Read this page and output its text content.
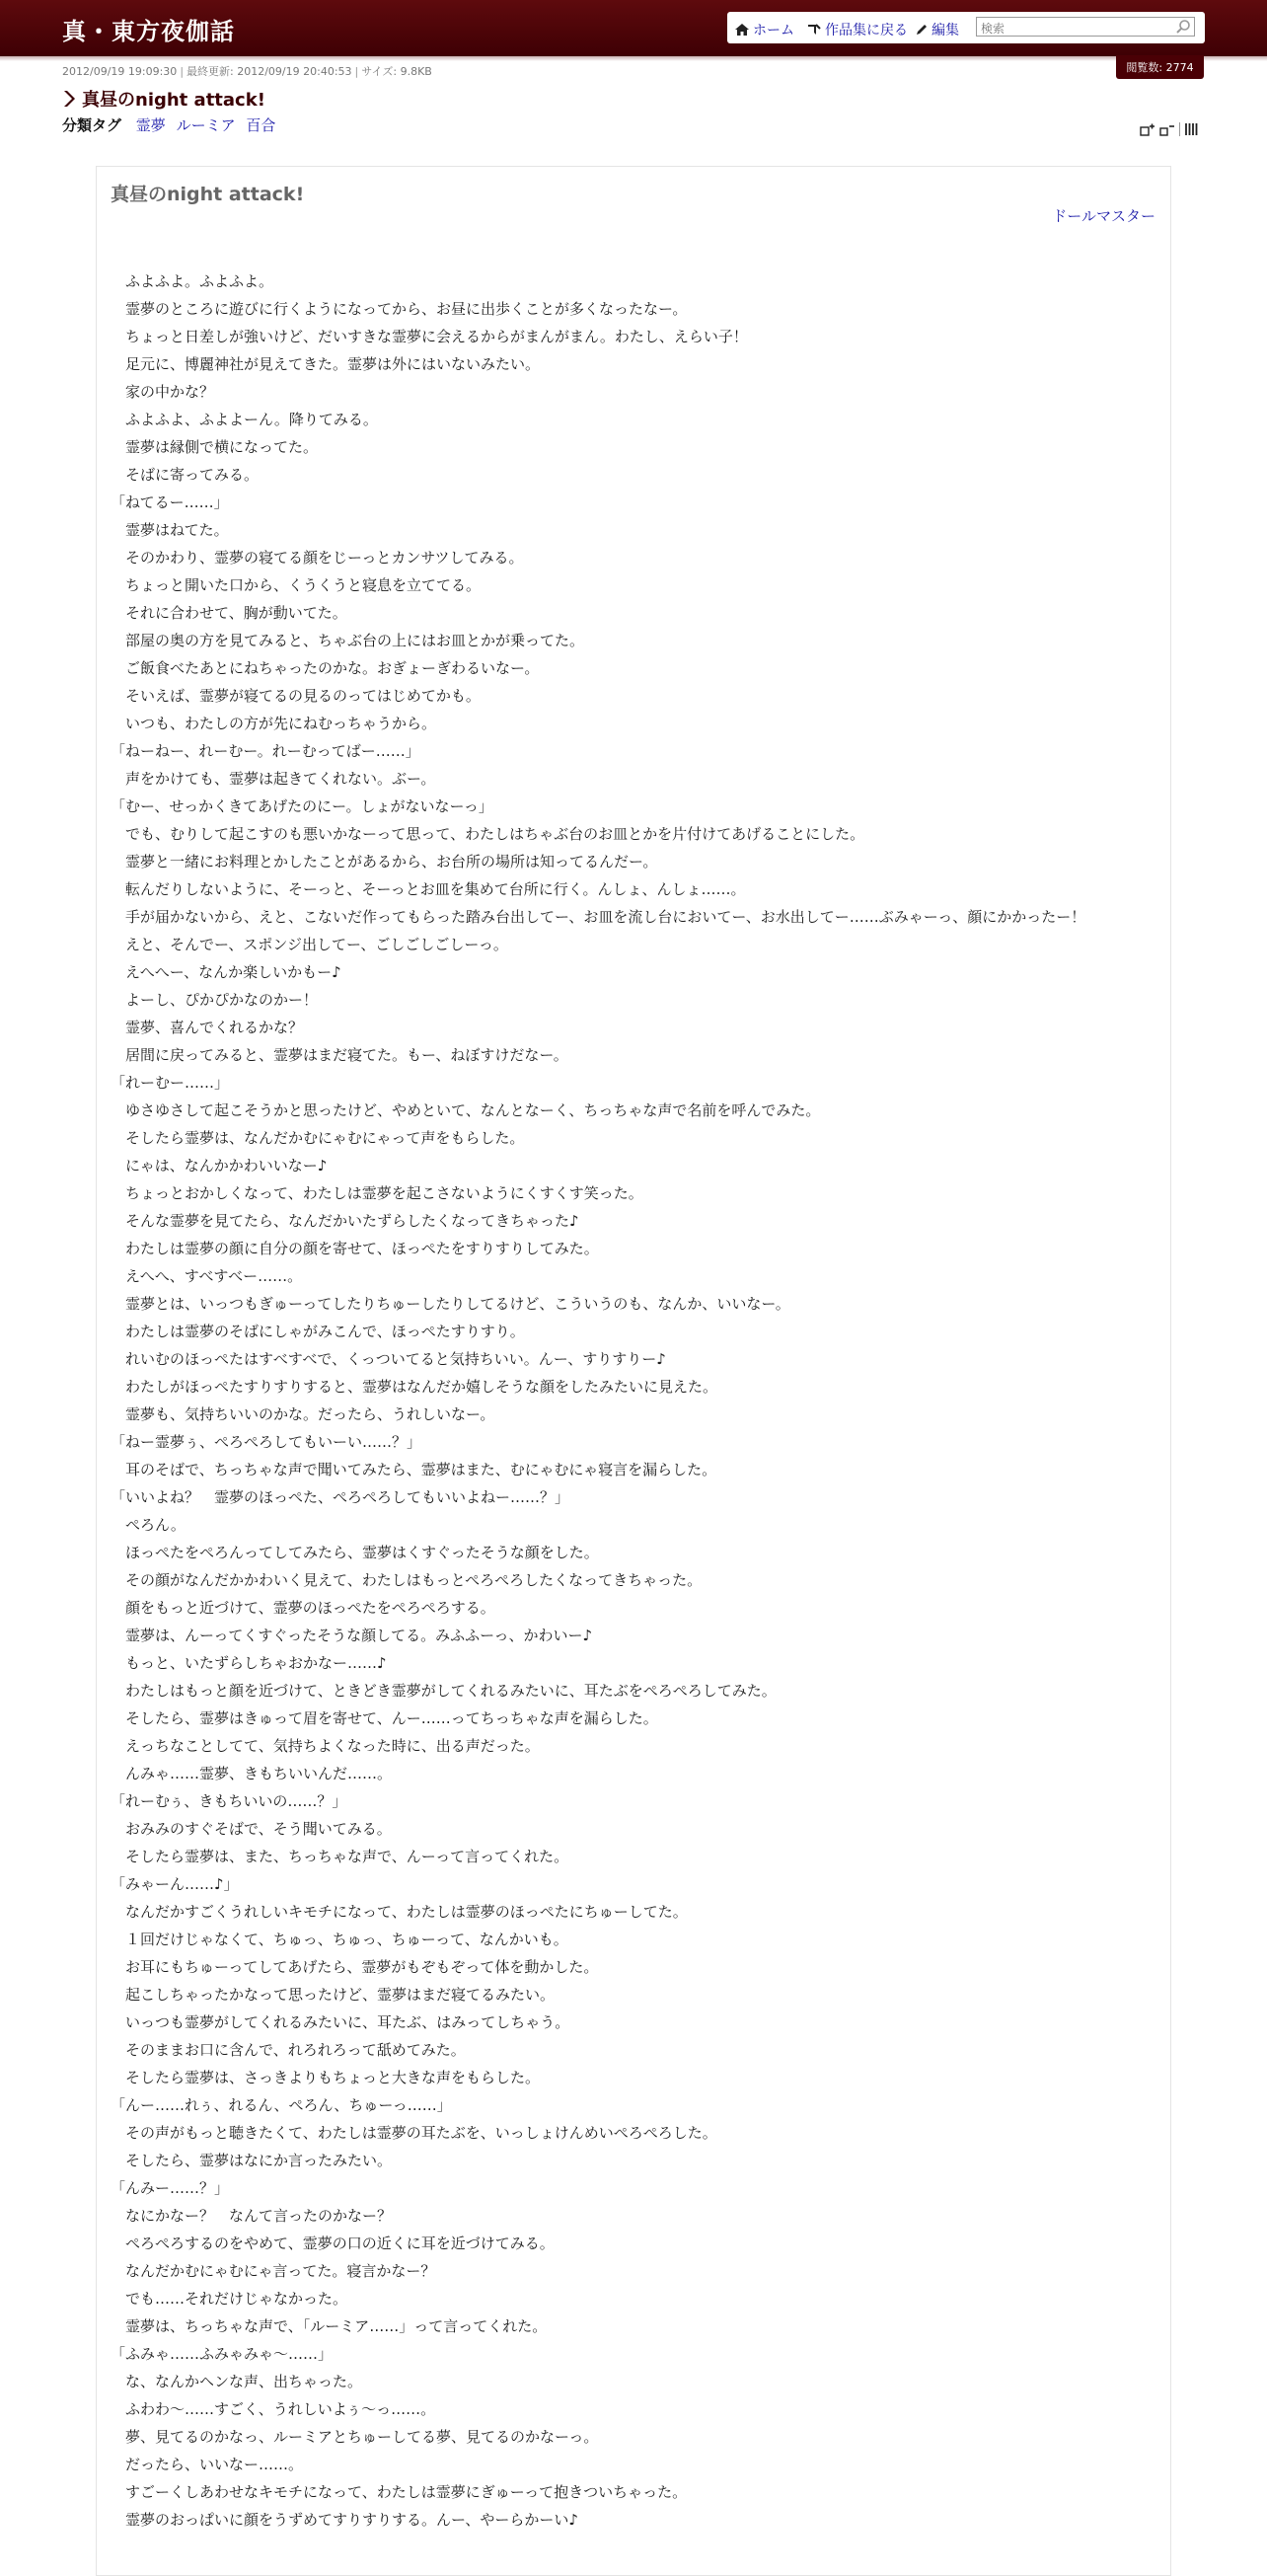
真・東方夜伽話	ホーム 作品集に戻る 編集
検索
閲覧数: 2774
2012/09/19 19:09:30 | 最終更新: 2012/09/19 20:40:53 | サイズ: 9.8KB
真昼のnight attack!
分類タグ 霊夢 ルーミア 百合
真昼のnight attack!
ドールマスター
　ふよふよ。ふよふよ。
　霊夢のところに遊びに行くようになってから、お昼に出歩くことが多くなったなー。
　ちょっと日差しが強いけど、だいすきな霊夢に会えるからがまんがまん。わたし、えらい子！
　足元に、博麗神社が見えてきた。霊夢は外にはいないみたい。
　家の中かな？
　ふよふよ、ふよよーん。降りてみる。
　霊夢は縁側で横になってた。
　そばに寄ってみる。
「ねてるー……」
　霊夢はねてた。
　そのかわり、霊夢の寝てる顔をじーっとカンサツしてみる。
　ちょっと開いた口から、くうくうと寝息を立ててる。
　それに合わせて、胸が動いてた。
　部屋の奥の方を見てみると、ちゃぶ台の上にはお皿とかが乗ってた。
　ご飯食べたあとにねちゃったのかな。おぎょーぎわるいなー。
　そいえば、霊夢が寝てるの見るのってはじめてかも。
　いつも、わたしの方が先にねむっちゃうから。
「ねーねー、れーむー。れーむってばー……」
　声をかけても、霊夢は起きてくれない。ぶー。
「むー、せっかくきてあげたのにー。しょがないなーっ」
　でも、むりして起こすのも悪いかなーって思って、わたしはちゃぶ台のお皿とかを片付けてあげることにした。
　霊夢と一緒にお料理とかしたことがあるから、お台所の場所は知ってるんだー。
　転んだりしないように、そーっと、そーっとお皿を集めて台所に行く。んしょ、んしょ……。
　手が届かないから、えと、こないだ作ってもらった踏み台出してー、お皿を流し台においてー、お水出してー……ぶみゃーっ、顔にかかったー！
　えと、そんでー、スポンジ出してー、ごしごしごしーっ。
　えへへー、なんか楽しいかもー♪
　よーし、ぴかぴかなのかー！
　霊夢、喜んでくれるかな？
　居間に戻ってみると、霊夢はまだ寝てた。もー、ねぼすけだなー。
「れーむー……」
　ゆさゆさして起こそうかと思ったけど、やめといて、なんとなーく、ちっちゃな声で名前を呼んでみた。
　そしたら霊夢は、なんだかむにゃむにゃって声をもらした。
　にゃは、なんかかわいいなー♪
　ちょっとおかしくなって、わたしは霊夢を起こさないようにくすくす笑った。
　そんな霊夢を見てたら、なんだかいたずらしたくなってきちゃった♪
　わたしは霊夢の顔に自分の顔を寄せて、ほっぺたをすりすりしてみた。
　えへへ、すべすべー……。
　霊夢とは、いっつもぎゅーってしたりちゅーしたりしてるけど、こういうのも、なんか、いいなー。
　わたしは霊夢のそばにしゃがみこんで、ほっぺたすりすり。
　れいむのほっぺたはすべすべで、くっついてると気持ちいい。んー、すりすりー♪
　わたしがほっぺたすりすりすると、霊夢はなんだか嬉しそうな顔をしたみたいに見えた。
　霊夢も、気持ちいいのかな。だったら、うれしいなー。
「ねー霊夢ぅ、ぺろぺろしてもいーい……？」
　耳のそばで、ちっちゃな声で聞いてみたら、霊夢はまた、むにゃむにゃ寝言を漏らした。
「いいよね？　霊夢のほっぺた、ぺろぺろしてもいいよねー……？」
　ぺろん。
　ほっぺたをぺろんってしてみたら、霊夢はくすぐったそうな顔をした。
　その顔がなんだかかわいく見えて、わたしはもっとぺろぺろしたくなってきちゃった。
　顔をもっと近づけて、霊夢のほっぺたをぺろぺろする。
　霊夢は、んーってくすぐったそうな顔してる。みふふーっ、かわいー♪
　もっと、いたずらしちゃおかなー……♪
　わたしはもっと顔を近づけて、ときどき霊夢がしてくれるみたいに、耳たぶをぺろぺろしてみた。
　そしたら、霊夢はきゅって眉を寄せて、んー……ってちっちゃな声を漏らした。
　えっちなことしてて、気持ちよくなった時に、出る声だった。
　んみゃ……霊夢、きもちいいんだ……。
「れーむぅ、きもちいいの……？」
　おみみのすぐそばで、そう聞いてみる。
　そしたら霊夢は、また、ちっちゃな声で、んーって言ってくれた。
「みゃーん……♪」
　なんだかすごくうれしいキモチになって、わたしは霊夢のほっぺたにちゅーしてた。
　１回だけじゃなくて、ちゅっ、ちゅっ、ちゅーって、なんかいも。
　お耳にもちゅーってしてあげたら、霊夢がもぞもぞって体を動かした。
　起こしちゃったかなって思ったけど、霊夢はまだ寝てるみたい。
　いっつも霊夢がしてくれるみたいに、耳たぶ、はみってしちゃう。
　そのままお口に含んで、れろれろって舐めてみた。
　そしたら霊夢は、さっきよりもちょっと大きな声をもらした。
「んー……れぅ、れるん、ぺろん、ちゅーっ……」
　その声がもっと聴きたくて、わたしは霊夢の耳たぶを、いっしょけんめいぺろぺろした。
　そしたら、霊夢はなにか言ったみたい。
「んみー……？」
　なにかなー？　なんて言ったのかなー？
　ぺろぺろするのをやめて、霊夢の口の近くに耳を近づけてみる。
　なんだかむにゃむにゃ言ってた。寝言かなー？
　でも……それだけじゃなかった。
　霊夢は、ちっちゃな声で、「ルーミア……」って言ってくれた。
「ふみゃ……ふみゃみゃ～……」
　な、なんかヘンな声、出ちゃった。
　ふわわ～……すごく、うれしいよぅ～っ……。
　夢、見てるのかなっ、ルーミアとちゅーしてる夢、見てるのかなーっ。
　だったら、いいなー……。
　すごーくしあわせなキモチになって、わたしは霊夢にぎゅーって抱きついちゃった。
　霊夢のおっぱいに顔をうずめてすりすりする。んー、やーらかーい♪
